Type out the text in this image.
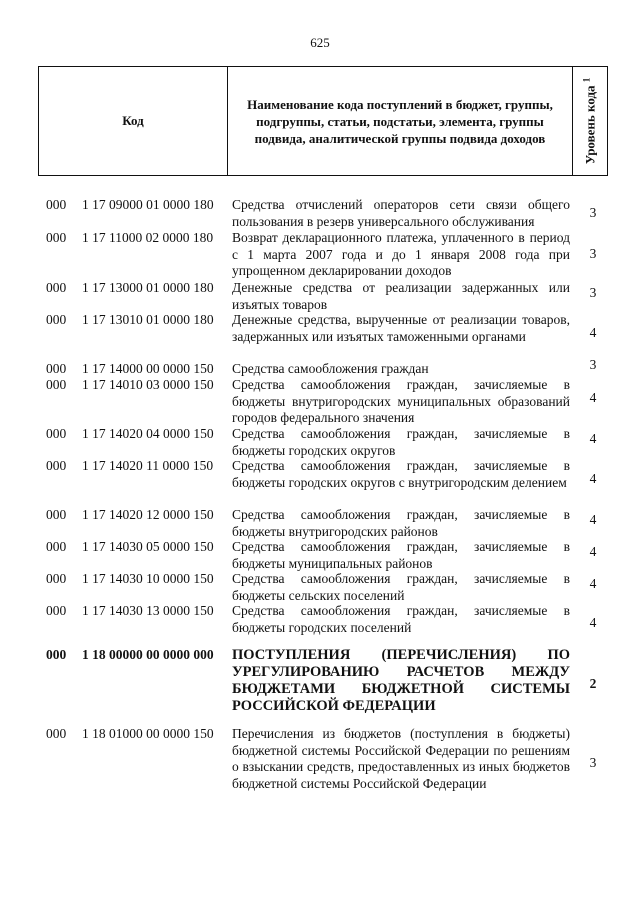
625
Код
Наименование кода поступлений в бюджет, группы, подгруппы, статьи, подстатьи, элемента, группы подвида, аналитической группы подвида доходов	Уровень кода $^1$
000 1 17 09000 01 0000 180 Средства отчислений операторов сети связи общего пользования в резерв универсального обслуживания
3
000 1 17 11000 02 0000 180 Возврат декларационного платежа, уплаченного в период с 1 марта 2007 года и до 1 января 2008 года при упрощенном декларировании доходов
3
000 1 17 13000 01 0000 180 Денежные средства от реализации задержанных или изъятых товаров
3
000 1 17 13010 01 0000 180 Денежные средства, вырученные от реализации товаров, задержанных или изъятых таможенными органами	4
000 1 17 14000 00 0000 150 Средства самообложения граждан	3
000 1 17 14010 03 0000 150 Средства самообложения граждан, зачисляемые в бюджеты внутригородских муниципальных образований городов федерального значения
4
000 1 17 14020 04 0000 150 Средства самообложения граждан, зачисляемые в бюджеты городских округов
4
000 1 17 14020 11 0000 150 Средства самообложения граждан, зачисляемые в бюджеты городских округов с внутригородским делением 4
000 1 17 14020 12 0000 150 Средства самообложения граждан, зачисляемые в бюджеты внутригородских районов
4
000 1 17 14030 05 0000 150 Средства самообложения граждан, зачисляемые в бюджеты муниципальных районов
4
000 1 17 14030 10 0000 150 Средства самообложения граждан, зачисляемые в бюджеты сельских поселений
4
000 1 17 14030 13 0000 150 Средства самообложения граждан, зачисляемые в бюджеты городских поселений	4
000 1 18 00000 00 0000 000 ПОСТУПЛЕНИЯ (ПЕРЕЧИСЛЕНИЯ) ПО УРЕГУЛИРОВАНИЮ РАСЧЕТОВ МЕЖДУ БЮДЖЕТАМИ БЮДЖЕТНОЙ СИСТЕМЫ РОССИЙСКОЙ ФЕДЕРАЦИИ
2
000 1 18 01000 00 0000 150 Перечисления из бюджетов (поступления в бюджеты) бюджетной системы Российской Федерации по решениям о взыскании средств, предоставленных из иных бюджетов бюджетной системы Российской Федерации
3
